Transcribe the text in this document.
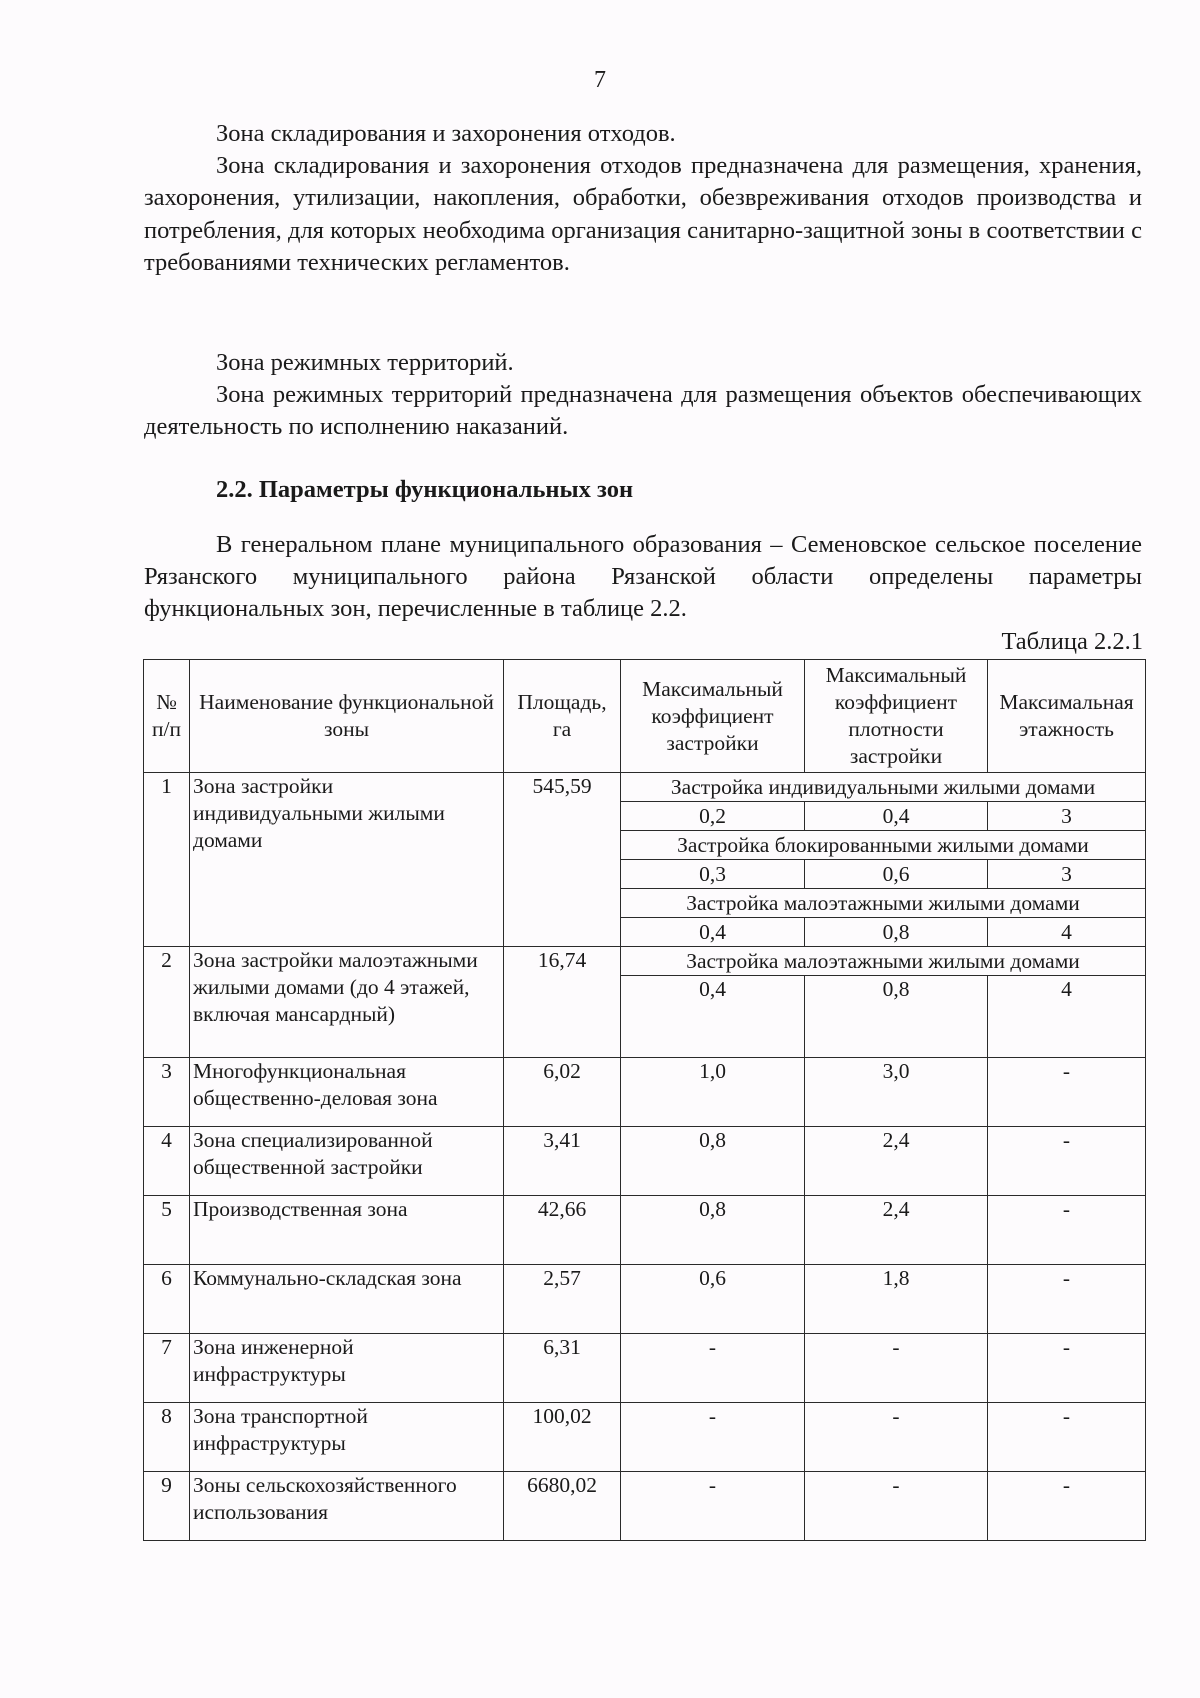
7
Зона складирования и захоронения отходов.
Зона складирования и захоронения отходов предназначена для размещения, хранения, захоронения, утилизации, накопления, обработки, обезвреживания отходов производства и потребления, для которых необходима организация санитарно-защитной зоны в соответствии с требованиями технических регламентов.
Зона режимных территорий.
Зона режимных территорий предназначена для размещения объектов обеспечивающих деятельность по исполнению наказаний.
2.2. Параметры функциональных зон
В генеральном плане муниципального образования – Семеновское сельское поселение Рязанского муниципального района Рязанской области определены параметры функциональных зон, перечисленные в таблице 2.2.
Таблица 2.2.1
№ п/п	Наименование функциональной зоны	Площадь, га	Максимальный коэффициент застройки	Максимальный коэффициент плотности застройки	Максимальная этажность
1	Зона застройки индивидуальными жилыми домами	545,59	Застройка индивидуальными жилыми домами		
			0,2	0,4	3
			Застройка блокированными жилыми домами		
			0,3	0,6	3
			Застройка малоэтажными жилыми домами		
			0,4	0,8	4
2	Зона застройки малоэтажными жилыми домами (до 4 этажей, включая мансардный)	16,74	Застройка малоэтажными жилыми домами		
			0,4	0,8	4
3	Многофункциональная общественно-деловая зона	6,02	1,0	3,0	-
4	Зона специализированной общественной застройки	3,41	0,8	2,4	-
5	Производственная зона	42,66	0,8	2,4	-
6	Коммунально-складская зона	2,57	0,6	1,8	-
7	Зона инженерной инфраструктуры	6,31	-	-	-
8	Зона транспортной инфраструктуры	100,02	-	-	-
9	Зоны сельскохозяйственного использования	6680,02	-	-	-
